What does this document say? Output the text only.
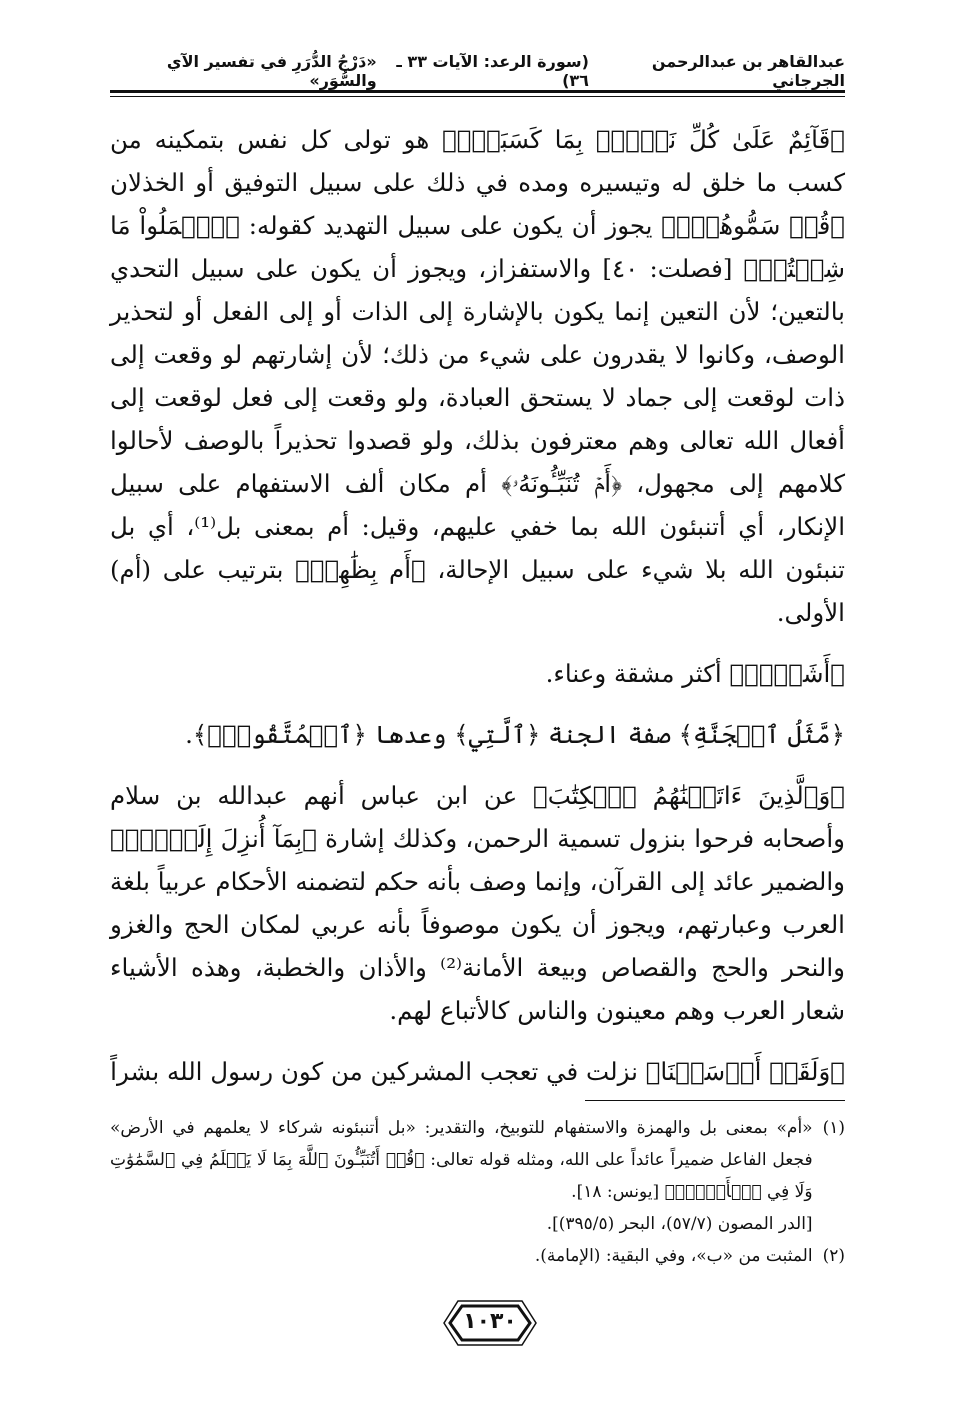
عبدالقاهر بن عبدالرحمن الجرجاني
(سورة الرعد: الآيات ٣٣ ـ ٣٦)
«دَرْجُ الدُّرَرِ في تفسير الآي والسُّوَر»

﴿قَآئِمٌ عَلَىٰ كُلِّ نَفۡسِۢ بِمَا كَسَبَتۡۗ﴾ هو تولى كل نفس بتمكينه من كسب ما خلق له وتيسيره ومده في ذلك على سبيل التوفيق أو الخذلان ﴿قُلۡ سَمُّوهُمۡۚ﴾ يجوز أن يكون على سبيل التهديد كقوله: ﴿ٱعۡمَلُواْ مَا شِئۡتُمۡ﴾ [فصلت: ٤٠] والاستفزاز، ويجوز أن يكون على سبيل التحدي بالتعين؛ لأن التعين إنما يكون بالإشارة إلى الذات أو إلى الفعل أو لتحذير الوصف، وكانوا لا يقدرون على شيء من ذلك؛ لأن إشارتهم لو وقعت إلى ذات لوقعت إلى جماد لا يستحق العبادة، ولو وقعت إلى فعل لوقعت إلى أفعال الله تعالى وهم معترفون بذلك، ولو قصدوا تحذيراً بالوصف لأحالوا كلامهم إلى مجهول، ﴿أَمۡ تُنَبِّـُٔونَهُۥ﴾ أم مكان ألف الاستفهام على سبيل الإنكار، أي أتنبئون الله بما خفي عليهم، وقيل: أم بمعنى بل⁽¹⁾، أي بل تنبئون الله بلا شيء على سبيل الإحالة، ﴿أَم بِظَٰهِرٖ﴾ بترتيب على (أم) الأولى.

﴿أَشَقُّۖ﴾ أكثر مشقة وعناء.

﴿مَّثَلُ ٱلۡجَنَّةِ﴾ صفة الجنة ﴿ٱلَّتِي﴾ وعدها ﴿ٱلۡمُتَّقُونَۖ﴾.

﴿وَٱلَّذِينَ ءَاتَيۡنَٰهُمُ ٱلۡكِتَٰبَ﴾ عن ابن عباس أنهم عبدالله بن سلام وأصحابه فرحوا بنزول تسمية الرحمن، وكذلك إشارة ﴿بِمَآ أُنزِلَ إِلَيۡكَۖ﴾ والضمير عائد إلى القرآن، وإنما وصف بأنه حكم لتضمنه الأحكام عربياً بلغة العرب وعبارتهم، ويجوز أن يكون موصوفاً بأنه عربي لمكان الحج والغزو والنحر والحج والقصاص وبيعة الأمانة⁽²⁾ والأذان والخطبة، وهذه الأشياء شعار العرب وهم معينون والناس كالأتباع لهم.

﴿وَلَقَدۡ أَرۡسَلۡنَا﴾ نزلت في تعجب المشركين من كون رسول الله بشراً

(١)
«أم» بمعنى بل والهمزة والاستفهام للتوبيخ، والتقدير: «بل أتنبئونه شركاء لا يعلمهم في الأرض» فجعل الفاعل ضميراً عائداً على الله، ومثله قوله تعالى: ﴿قُلۡ أَتُنَبِّـُٔونَ ٱللَّهَ بِمَا لَا يَعۡلَمُ فِي ٱلسَّمَٰوَٰتِ وَلَا فِي ٱلۡأَرۡضِۚ﴾ [يونس: ١٨].
[الدر المصون (٥٧/٧)، البحر (٣٩٥/٥)].
(٢)
المثبت من «ب»، وفي البقية: (الإمامة).
١٠٣٠
